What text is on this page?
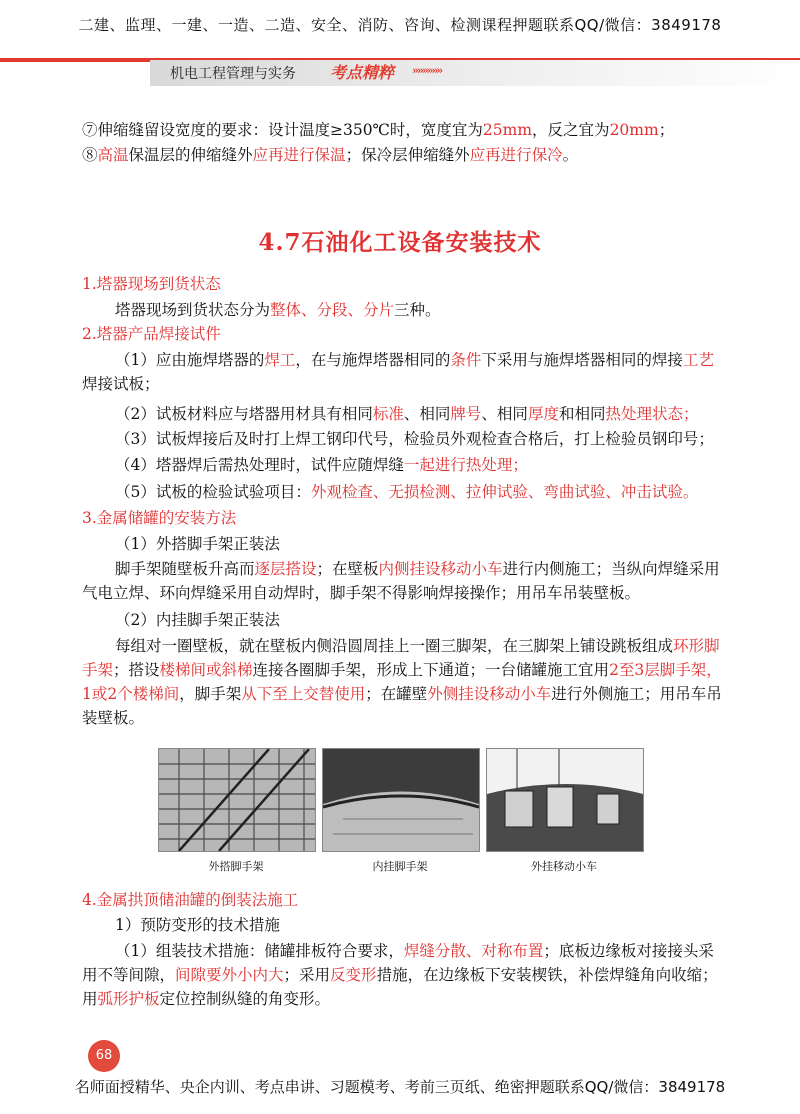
二建、监理、一建、一造、二造、安全、消防、咨询、检测课程押题联系QQ/微信：3849178
机电工程管理与实务 考点精粹 »»»»»»
⑦伸缩缝留设宽度的要求：设计温度≥350℃时，宽度宜为25mm，反之宜为20mm；
⑧高温保温层的伸缩缝外应再进行保温；保冷层伸缩缝外应再进行保冷。
4.7石油化工设备安装技术
1.塔器现场到货状态
塔器现场到货状态分为整体、分段、分片三种。
2.塔器产品焊接试件
（1）应由施焊塔器的焊工，在与施焊塔器相同的条件下采用与施焊塔器相同的焊接工艺焊接试板；
（2）试板材料应与塔器用材具有相同标准、相同牌号、相同厚度和相同热处理状态；
（3）试板焊接后及时打上焊工钢印代号，检验员外观检查合格后，打上检验员钢印号；
（4）塔器焊后需热处理时，试件应随焊缝一起进行热处理；
（5）试板的检验试验项目：外观检查、无损检测、拉伸试验、弯曲试验、冲击试验。
3.金属储罐的安装方法
（1）外搭脚手架正装法
脚手架随壁板升高而逐层搭设；在壁板内侧挂设移动小车进行内侧施工；当纵向焊缝采用气电立焊、环向焊缝采用自动焊时，脚手架不得影响焊接操作；用吊车吊装壁板。
（2）内挂脚手架正装法
每组对一圈壁板，就在壁板内侧沿圆周挂上一圈三脚架，在三脚架上铺设跳板组成环形脚手架；搭设楼梯间或斜梯连接各圈脚手架，形成上下通道；一台储罐施工宜用2至3层脚手架，1或2个楼梯间，脚手架从下至上交替使用；在罐壁外侧挂设移动小车进行外侧施工；用吊车吊装壁板。
外搭脚手架	内挂脚手架	外挂移动小车
4.金属拱顶储油罐的倒装法施工
1）预防变形的技术措施
（1）组装技术措施：储罐排板符合要求，焊缝分散、对称布置；底板边缘板对接接头采用不等间隙，间隙要外小内大；采用反变形措施，在边缘板下安装楔铁，补偿焊缝角向收缩；用弧形护板定位控制纵缝的角变形。
68
名师面授精华、央企内训、考点串讲、习题模考、考前三页纸、绝密押题联系QQ/微信：3849178
